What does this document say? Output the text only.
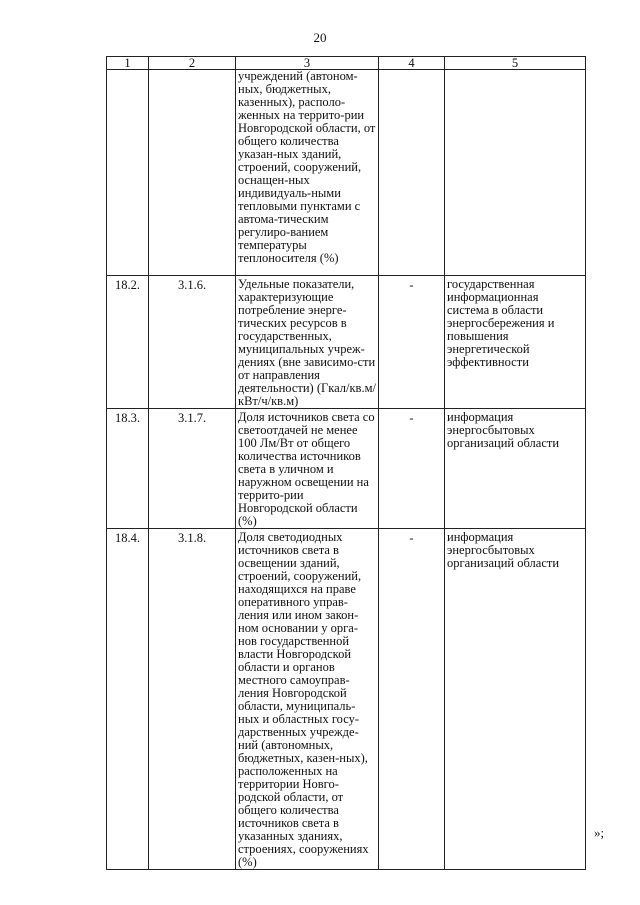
20
1	2	3	4	5

		учреждений (автоном-ных, бюджетных, казенных), располо-женных на террито-рии Новгородской области, от общего количества указан-ных зданий, строений, сооружений, оснащен-ных индивидуаль-ными тепловыми пунктами с автома-тическим регулиро-ванием температуры теплоносителя (%)		

18.2.	3.1.6.	Удельные показатели, характеризующие потребление энерге-тических ресурсов в государственных, муниципальных учреж-дениях (вне зависимо-сти от направления деятельности) (Гкал/кв.м/кВт/ч/кв.м)	-	государственная информационная система в области энергосбережения и повышения энергетической эффективности

18.3.	3.1.7.	Доля источников света со светоотдачей не менее 100 Лм/Вт от общего количества источников света в уличном и наружном освещении на террито-рии Новгородской области (%)	-	информация энергосбытовых организаций области

18.4.	3.1.8.	Доля светодиодных источников света в освещении зданий, строений, сооружений, находящихся на праве оперативного управ-ления или ином закон-ном основании у орга-нов государственной власти Новгородской области и органов местного самоуправ-ления Новгородской области, муниципаль-ных и областных госу-дарственных учрежде-ний (автономных, бюджетных, казен-ных), расположенных на территории Новго-родской области, от общего количества источников света в указанных зданиях, строениях, сооружениях (%)	-	информация энергосбытовых организаций области
»;
